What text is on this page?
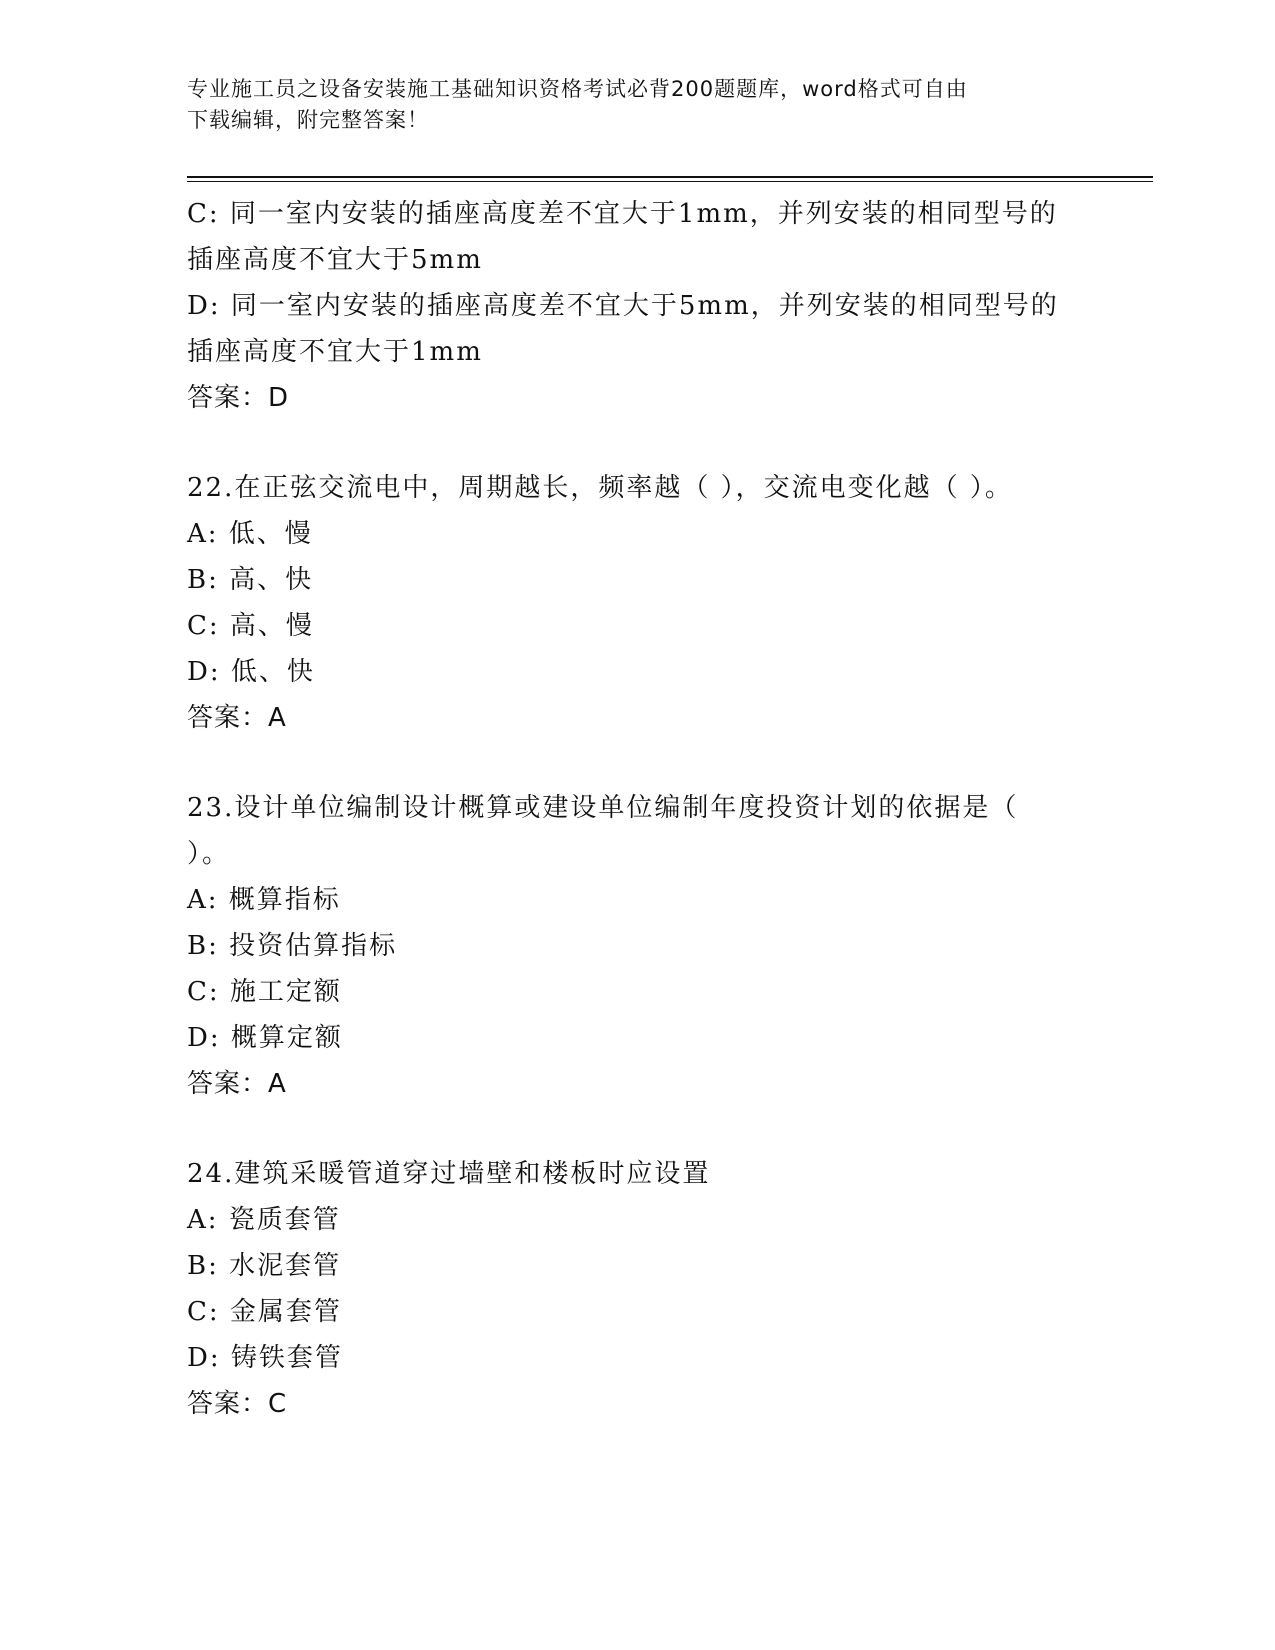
专业施工员之设备安装施工基础知识资格考试必背200题题库，word格式可自由
下载编辑，附完整答案！
C: 同一室内安装的插座高度差不宜大于1mm，并列安装的相同型号的
插座高度不宜大于5mm
D: 同一室内安装的插座高度差不宜大于5mm，并列安装的相同型号的
插座高度不宜大于1mm
答案：D
22.在正弦交流电中，周期越长，频率越（ ），交流电变化越（ ）。
A: 低、慢
B: 高、快
C: 高、慢
D: 低、快
答案：A
23.设计单位编制设计概算或建设单位编制年度投资计划的依据是（
）。
A: 概算指标
B: 投资估算指标
C: 施工定额
D: 概算定额
答案：A
24.建筑采暖管道穿过墙壁和楼板时应设置
A: 瓷质套管
B: 水泥套管
C: 金属套管
D: 铸铁套管
答案：C
